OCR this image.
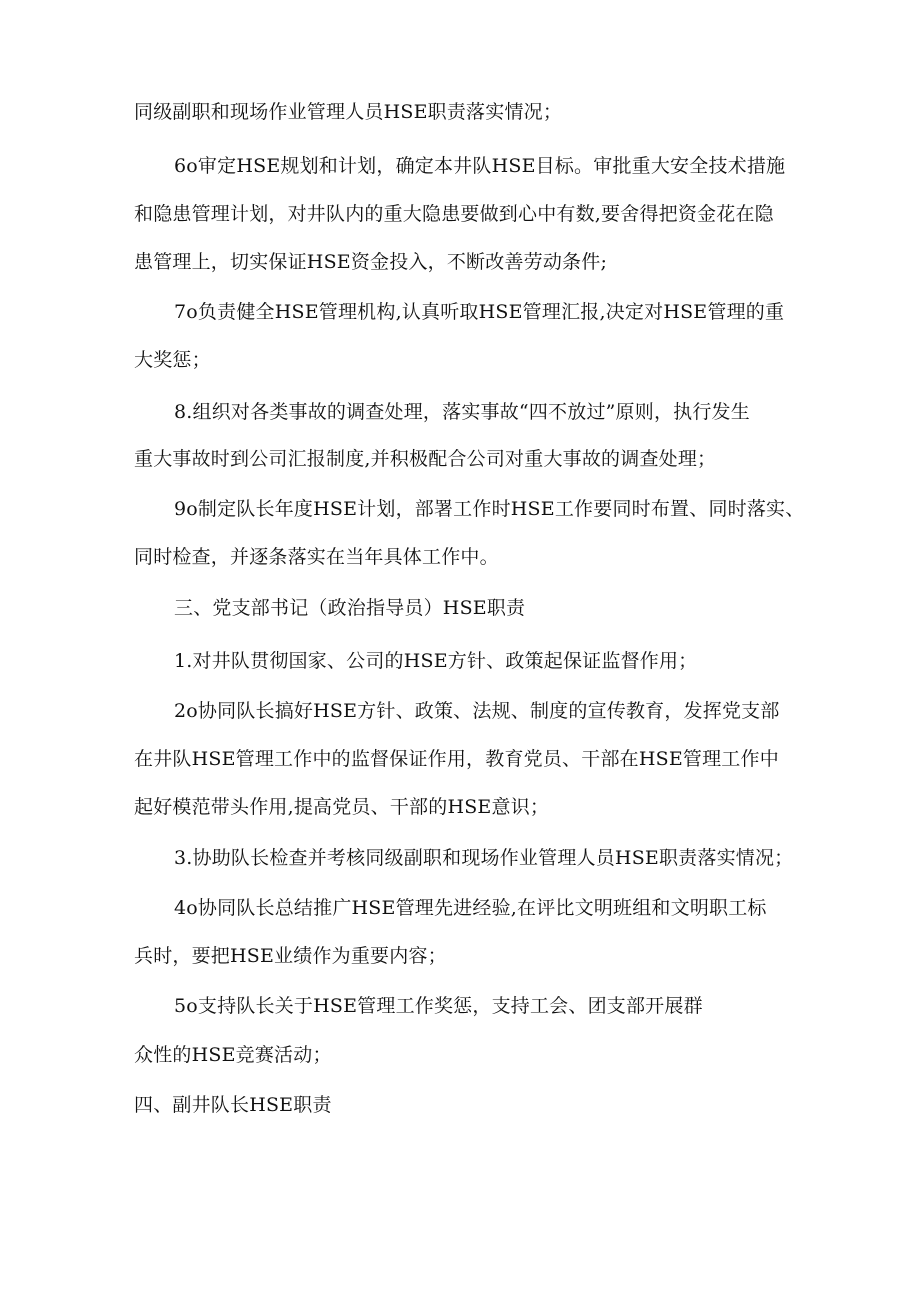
同级副职和现场作业管理人员HSE职责落实情况；

6o审定HSE规划和计划，确定本井队HSE目标。审批重大安全技术措施

和隐患管理计划，对井队内的重大隐患要做到心中有数,要舍得把资金花在隐

患管理上，切实保证HSE资金投入，不断改善劳动条件;

7o负责健全HSE管理机构,认真听取HSE管理汇报,决定对HSE管理的重

大奖惩；

8.组织对各类事故的调查处理，落实事故“四不放过”原则，执行发生

重大事故时到公司汇报制度,并积极配合公司对重大事故的调查处理；

9o制定队长年度HSE计划，部署工作时HSE工作要同时布置、同时落实、

同时检查，并逐条落实在当年具体工作中。

三、党支部书记（政治指导员）HSE职责

1.对井队贯彻国家、公司的HSE方针、政策起保证监督作用；

2o协同队长搞好HSE方针、政策、法规、制度的宣传教育，发挥党支部

在井队HSE管理工作中的监督保证作用，教育党员、干部在HSE管理工作中

起好模范带头作用,提高党员、干部的HSE意识；

3.协助队长检查并考核同级副职和现场作业管理人员HSE职责落实情况；

4o协同队长总结推广HSE管理先进经验,在评比文明班组和文明职工标

兵时，要把HSE业绩作为重要内容；

5o支持队长关于HSE管理工作奖惩，支持工会、团支部开展群

众性的HSE竞赛活动；

四、副井队长HSE职责
